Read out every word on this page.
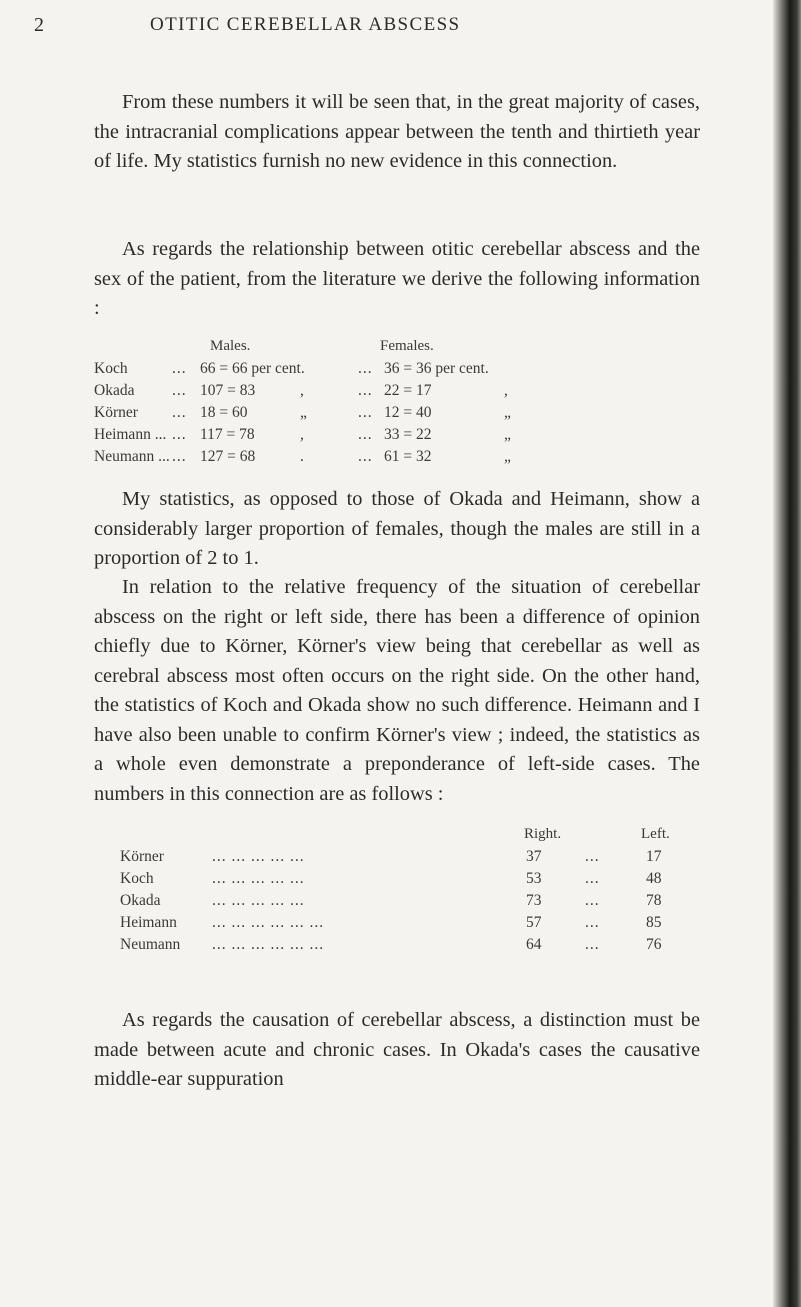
2	OTITIC CEREBELLAR ABSCESS

From these numbers it will be seen that, in the great majority of cases, the intracranial complications appear between the tenth and thirtieth year of life. My statistics furnish no new evidence in this connection.

As regards the relationship between otitic cerebellar abscess and the sex of the patient, from the literature we derive the following information :

Males.	Females.
Koch	... 66 = 66 per cent.	... 36 = 36 per cent.
Okada ... 107 = 83	,	... 22 = 17	,
Körner ... 18 = 60	„	... 12 = 40	„
Heimann ... ... 117 = 78	,	... 33 = 22	„
Neumann ... ... 127 = 68	.	... 61 = 32	„

My statistics, as opposed to those of Okada and Heimann, show a considerably larger proportion of females, though the males are still in a proportion of 2 to 1.

In relation to the relative frequency of the situation of cerebellar abscess on the right or left side, there has been a difference of opinion chiefly due to Körner, Körner's view being that cerebellar as well as cerebral abscess most often occurs on the right side. On the other hand, the statistics of Koch and Okada show no such difference. Heimann and I have also been unable to confirm Körner's view ; indeed, the statistics as a whole even demonstrate a preponderance of left-side cases. The numbers in this connection are as follows :

Right.	Left.
Körner	... ... ... ... ...	37	...	17
Koch	... ... ... ... ...	53	...	48
Okada	... ... ... ... ...	73	...	78
Heimann ... ... ... ... ... ...	57	...	85
Neumann ... ... ... ... ... ...	64	...	76

As regards the causation of cerebellar abscess, a distinction must be made between acute and chronic cases. In Okada's cases the causative middle-ear suppuration
